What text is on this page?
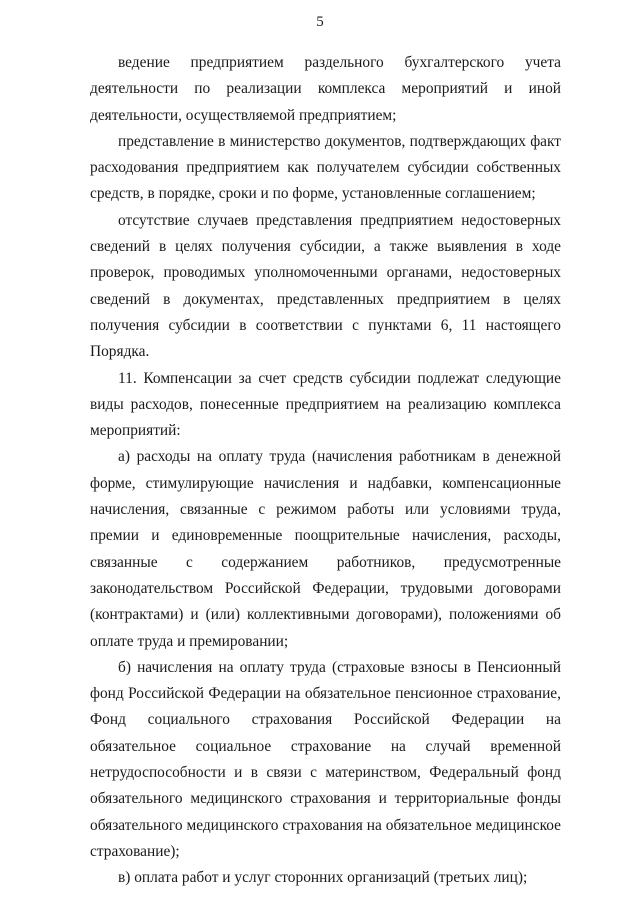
5

ведение предприятием раздельного бухгалтерского учета деятельности по реализации комплекса мероприятий и иной деятельности, осуществляемой предприятием;

представление в министерство документов, подтверждающих факт расходования предприятием как получателем субсидии собственных средств, в порядке, сроки и по форме, установленные соглашением;

отсутствие случаев представления предприятием недостоверных сведений в целях получения субсидии, а также выявления в ходе проверок, проводимых уполномоченными органами, недостоверных сведений в документах, представленных предприятием в целях получения субсидии в соответствии с пунктами 6, 11 настоящего Порядка.

11. Компенсации за счет средств субсидии подлежат следующие виды расходов, понесенные предприятием на реализацию комплекса мероприятий:

а) расходы на оплату труда (начисления работникам в денежной форме, стимулирующие начисления и надбавки, компенсационные начисления, связанные с режимом работы или условиями труда, премии и единовременные поощрительные начисления, расходы, связанные с содержанием работников, предусмотренные законодательством Российской Федерации, трудовыми договорами (контрактами) и (или) коллективными договорами), положениями об оплате труда и премировании;

б) начисления на оплату труда (страховые взносы в Пенсионный фонд Российской Федерации на обязательное пенсионное страхование, Фонд социального страхования Российской Федерации на обязательное социальное страхование на случай временной нетрудоспособности и в связи с материнством, Федеральный фонд обязательного медицинского страхования и территориальные фонды обязательного медицинского страхования на обязательное медицинское страхование);

в) оплата работ и услуг сторонних организаций (третьих лиц);
